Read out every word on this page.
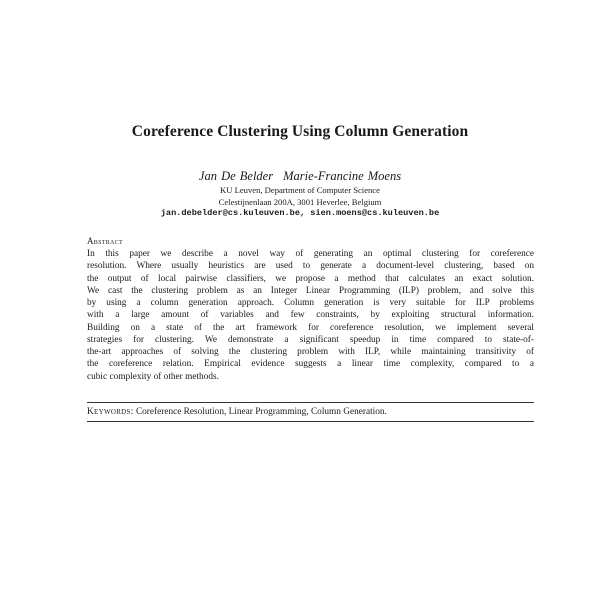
Coreference Clustering Using Column Generation
Jan De Belder Marie-Francine Moens
KU Leuven, Department of Computer Science
Celestijnenlaan 200A, 3001 Heverlee, Belgium
jan.debelder@cs.kuleuven.be, sien.moens@cs.kuleuven.be
Abstract
In this paper we describe a novel way of generating an optimal clustering for coreference
resolution. Where usually heuristics are used to generate a document-level clustering, based on
the output of local pairwise classifiers, we propose a method that calculates an exact solution.
We cast the clustering problem as an Integer Linear Programming (ILP) problem, and solve this
by using a column generation approach. Column generation is very suitable for ILP problems
with a large amount of variables and few constraints, by exploiting structural information.
Building on a state of the art framework for coreference resolution, we implement several
strategies for clustering. We demonstrate a significant speedup in time compared to state-of-
the-art approaches of solving the clustering problem with ILP, while maintaining transitivity of
the coreference relation. Empirical evidence suggests a linear time complexity, compared to a
cubic complexity of other methods.
Keywords: Coreference Resolution, Linear Programming, Column Generation.
